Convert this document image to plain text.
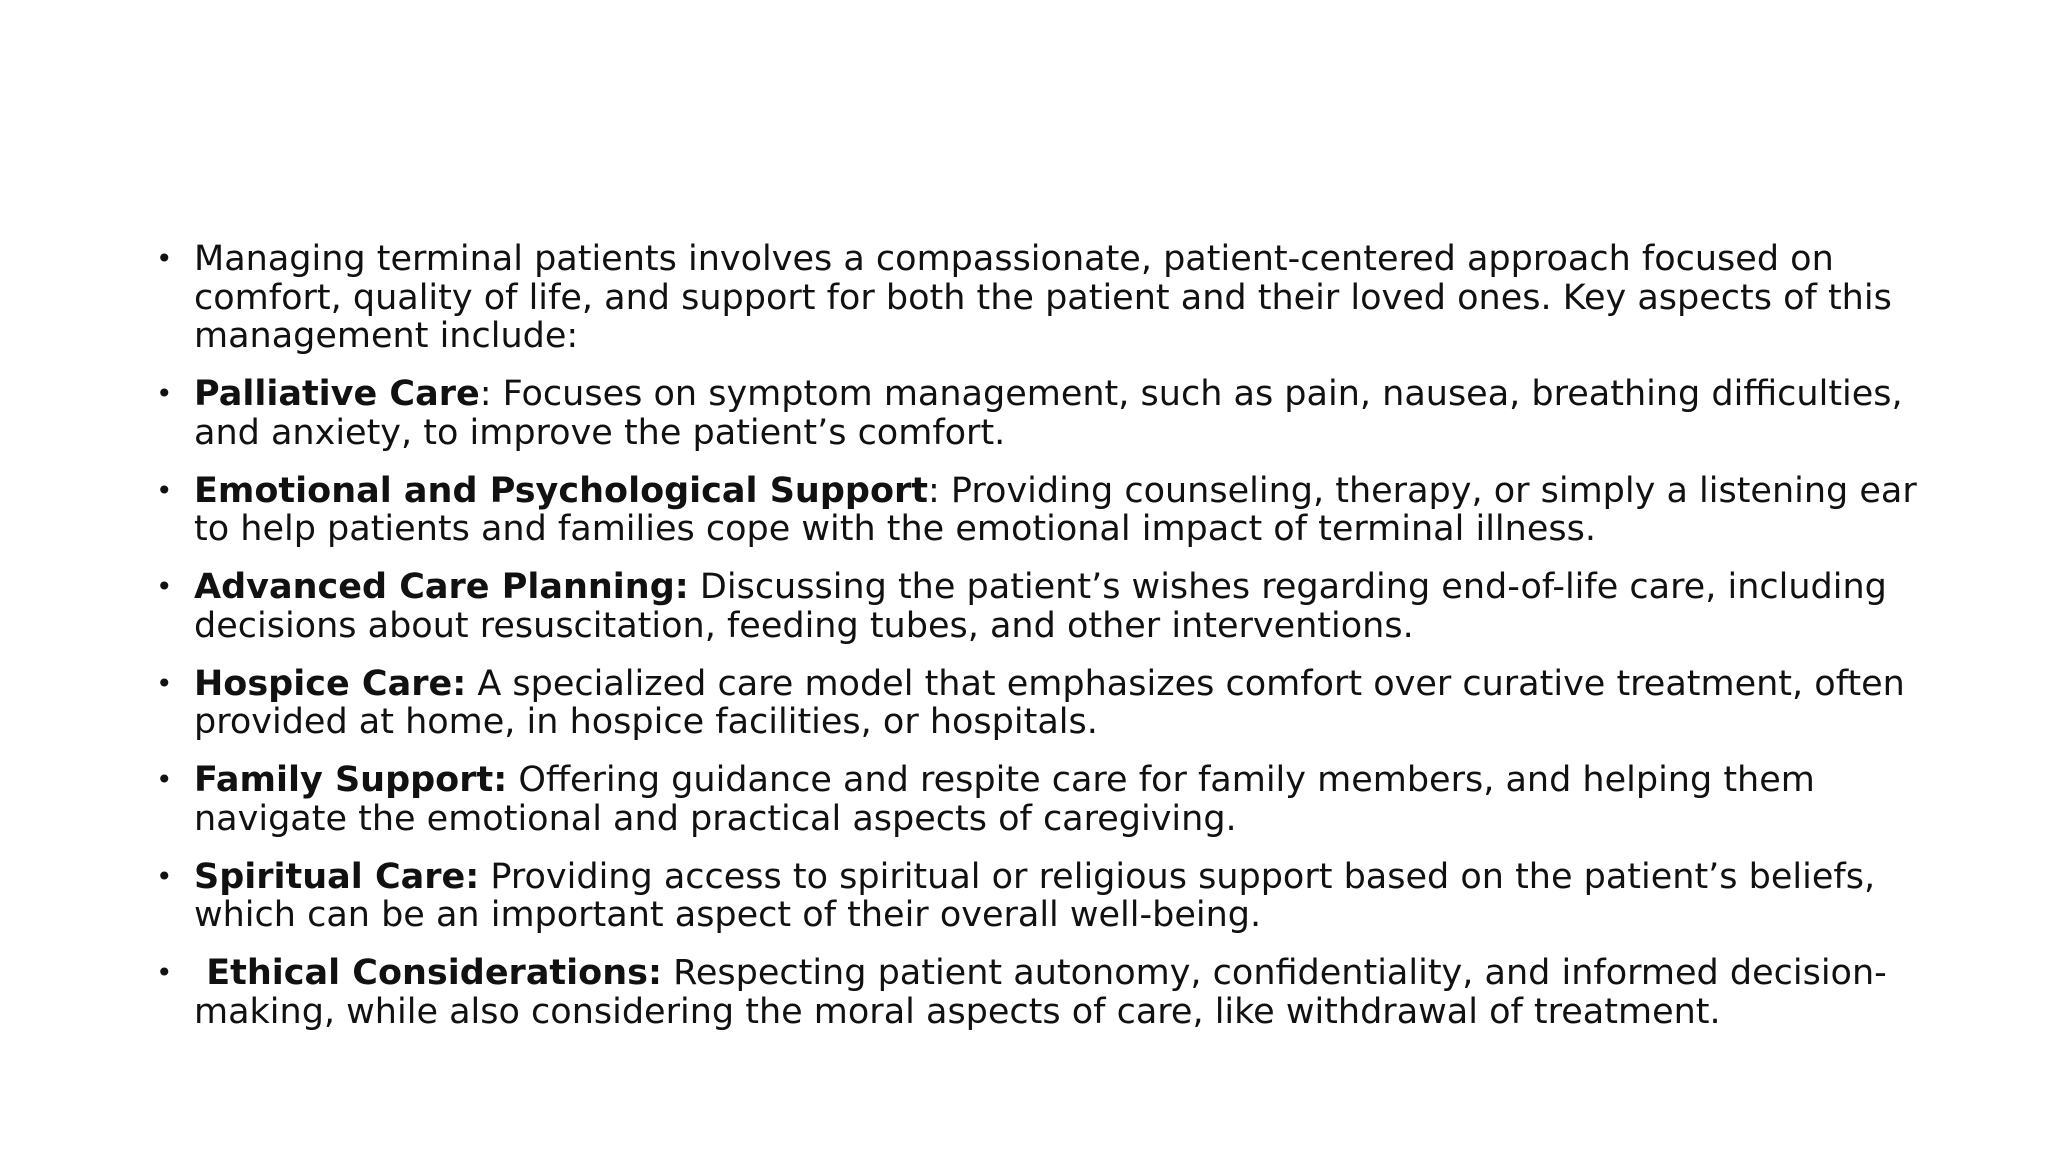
• Managing terminal patients involves a compassionate, patient-centered approach focused on comfort, quality of life, and support for both the patient and their loved ones. Key aspects of this management include:
• Palliative Care: Focuses on symptom management, such as pain, nausea, breathing difficulties, and anxiety, to improve the patient’s comfort.
• Emotional and Psychological Support: Providing counseling, therapy, or simply a listening ear to help patients and families cope with the emotional impact of terminal illness.
• Advanced Care Planning: Discussing the patient’s wishes regarding end-of-life care, including decisions about resuscitation, feeding tubes, and other interventions.
• Hospice Care: A specialized care model that emphasizes comfort over curative treatment, often provided at home, in hospice facilities, or hospitals.
• Family Support: Offering guidance and respite care for family members, and helping them navigate the emotional and practical aspects of caregiving.
• Spiritual Care: Providing access to spiritual or religious support based on the patient’s beliefs, which can be an important aspect of their overall well-being.
• Ethical Considerations: Respecting patient autonomy, confidentiality, and informed decision-making, while also considering the moral aspects of care, like withdrawal of treatment.
